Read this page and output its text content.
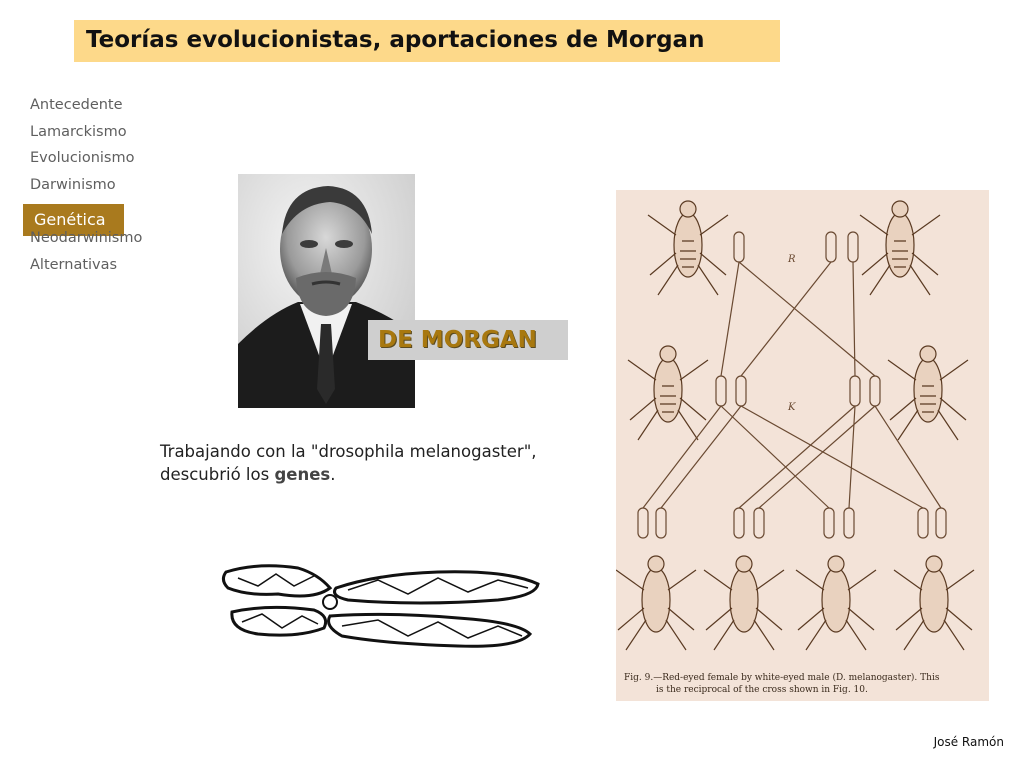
Teorías evolucionistas, aportaciones de Morgan
Antecedente
Lamarckismo
Evolucionismo
Darwinismo
Genética
Neodarwinismo
Alternativas
DE MORGAN
Trabajando con la "drosophila melanogaster", descubrió los genes.
R
K
Fig. 9.—Red-eyed female by white-eyed male (D. melanogaster). This
is the reciprocal of the cross shown in Fig. 10.
José Ramón
